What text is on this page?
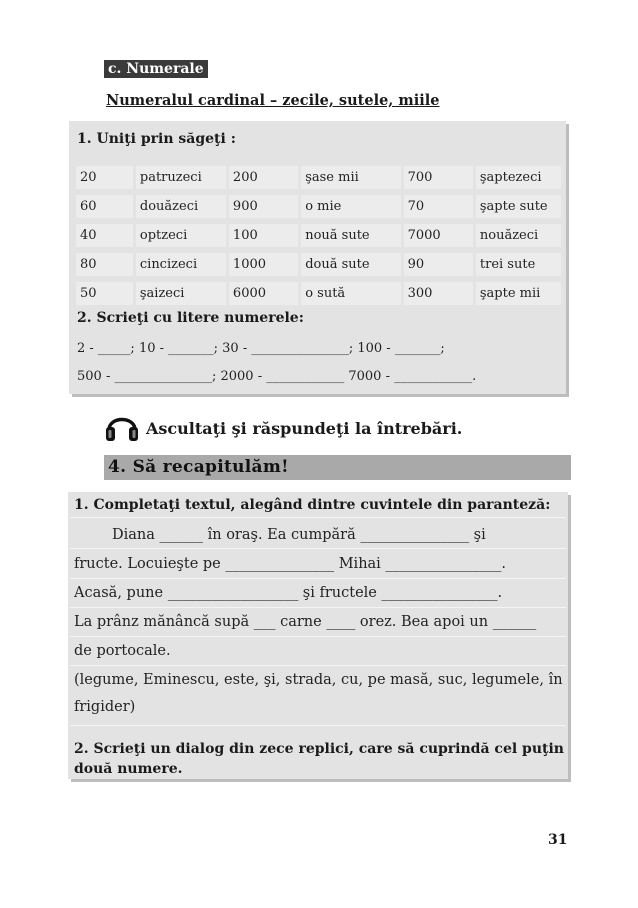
c. Numerale
Numeralul cardinal – zecile, sutele, miile
1. Uniţi prin săgeţi :
20	patruzeci	200	şase mii	700	şaptezeci
60	douăzeci	900	o mie	70	şapte sute
40	optzeci	100	nouă sute	7000	nouăzeci
80	cincizeci	1000	două sute	90	trei sute
50	şaizeci	6000	o sută	300	şapte mii
2. Scrieţi cu litere numerele:
2 - _____; 10 - _______; 30 - _______________; 100 - _______;
500 - _______________; 2000 - ____________ 7000 - ____________.
Ascultaţi şi răspundeţi la întrebări.
4. Să recapitulăm!
1. Completaţi textul, alegând dintre cuvintele din paranteză:
Diana ______ în oraş. Ea cumpără _______________ şi
fructe. Locuieşte pe _______________ Mihai ________________.
Acasă, pune __________________ şi fructele ________________.
La prânz mănâncă supă ___ carne ____ orez. Bea apoi un ______
de portocale.
(legume, Eminescu, este, şi, strada, cu, pe masă, suc, legumele, în
frigider)
2. Scrieţi un dialog din zece replici, care să cuprindă cel puţin
două numere.
31
